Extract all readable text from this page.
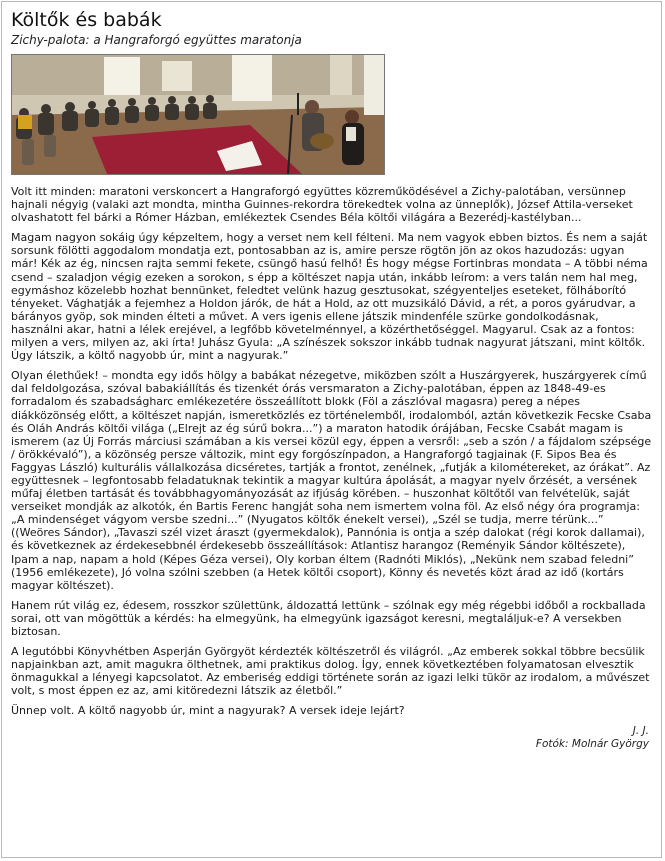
Költők és babák
Zichy-palota: a Hangraforgó együttes maratonja

Volt itt minden: maratoni verskoncert a Hangraforgó együttes közreműködésével a Zichy-palotában, versünnep hajnali négyig (valaki azt mondta, mintha Guinnes-rekordra törekedtek volna az ünneplők), József Attila-verseket olvashatott fel bárki a Rómer Házban, emlékeztek Csendes Béla költői világára a Bezerédj-kastélyban...

Magam nagyon sokáig úgy képzeltem, hogy a verset nem kell félteni. Ma nem vagyok ebben biztos. És nem a saját sorsunk fölötti aggodalom mondatja ezt, pontosabban az is, amire persze rögtön jön az okos hazudozás: ugyan már! Kék az ég, nincsen rajta semmi fekete, csüngő hasú felhő! És hogy mégse Fortinbras mondata – A többi néma csend – szaladjon végig ezeken a sorokon, s épp a költészet napja után, inkább leírom: a vers talán nem hal meg, egymáshoz közelebb hozhat bennünket, feledtet velünk hazug gesztusokat, szégyenteljes eseteket, fölháborító tényeket. Vághatják a fejemhez a Holdon járók, de hát a Hold, az ott muzsikáló Dávid, a rét, a poros gyárudvar, a bárányos gyöp, sok minden élteti a művet. A vers igenis ellene játszik mindenféle szürke gondolkodásnak, használni akar, hatni a lélek erejével, a legfőbb követelménnyel, a közérthetőséggel. Magyarul. Csak az a fontos: milyen a vers, milyen az, aki írta! Juhász Gyula: „A színészek sokszor inkább tudnak nagyurat játszani, mint költők. Úgy látszik, a költő nagyobb úr, mint a nagyurak.”

Olyan élethűek! – mondta egy idős hölgy a babákat nézegetve, miközben szólt a Huszárgyerek, huszárgyerek című dal feldolgozása, szóval babakiállítás és tizenkét órás versmaraton a Zichy-palotában, éppen az 1848-49-es forradalom és szabadságharc emlékezetére összeállított blokk (Föl a zászlóval magasra) pereg a népes diákközönség előtt, a költészet napján, ismeretközlés ez történelemből, irodalomból, aztán következik Fecske Csaba és Oláh András költői világa („Elrejt az ég súrű bokra...”) a maraton hatodik órájában, Fecske Csabát magam is ismerem (az Új Forrás márciusi számában a kis versei közül egy, éppen a versről: „seb a szón / a fájdalom szépsége / örökkévaló”), a közönség persze változik, mint egy forgószínpadon, a Hangraforgó tagjainak (F. Sipos Bea és Faggyas László) kulturális vállalkozása dicséretes, tartják a frontot, zenélnek, „futják a kilométereket, az órákat”. Az együttesnek – legfontosabb feladatuknak tekintik a magyar kultúra ápolását, a magyar nyelv őrzését, a versének műfaj életben tartását és továbbhagyományozását az ifjúság körében. – huszonhat költőtől van felvételük, saját verseiket mondják az alkotók, én Bartis Ferenc hangját soha nem ismertem volna föl. Az első négy óra programja: „A mindenséget vágyom versbe szedni...” (Nyugatos költők énekelt versei), „Szél se tudja, merre térünk...” ((Weöres Sándor), „Tavaszi szél vizet áraszt (gyermekdalok), Pannónia is ontja a szép dalokat (régi korok dallamai), és következnek az érdekesebbnél érdekesebb összeállítások: Atlantisz harangoz (Reményik Sándor költészete), Ipam a nap, napam a hold (Képes Géza versei), Oly korban éltem (Radnóti Miklós), „Nekünk nem szabad feledni” (1956 emlékezete), Jó volna szólni szebben (a Hetek költői csoport), Könny és nevetés közt árad az idő (kortárs magyar költészet).

Hanem rút világ ez, édesem, rosszkor születtünk, áldozattá lettünk – szólnak egy még régebbi időből a rockballada sorai, ott van mögöttük a kérdés: ha elmegyünk, ha elmegyünk igazságot keresni, megtaláljuk-e? A versekben biztosan.

A legutóbbi Könyvhétben Asperján Györgyöt kérdezték költészetről és világról. „Az emberek sokkal többre becsülik napjainkban azt, amit magukra ölthetnek, ami praktikus dolog. Így, ennek következtében folyamatosan elvesztik önmagukkal a lényegi kapcsolatot. Az emberiség eddigi története során az igazi lelki tükör az irodalom, a művészet volt, s most éppen ez az, ami kitöredezni látszik az életből.”

Ünnep volt. A költő nagyobb úr, mint a nagyurak? A versek ideje lejárt?

J. J.
Fotók: Molnár György
